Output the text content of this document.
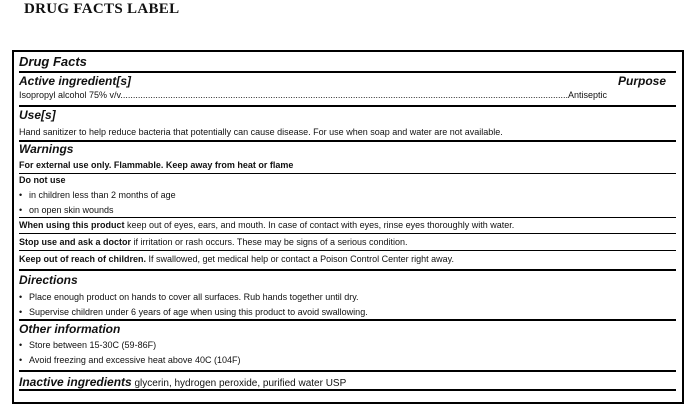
DRUG FACTS LABEL
Drug Facts
Active ingredient[s]	Purpose
Isopropyl alcohol 75% v/v...................................................................................................................................................................................Antiseptic
Use[s]
Hand sanitizer to help reduce bacteria that potentially can cause disease. For use when soap and water are not available.
Warnings
For external use only. Flammable. Keep away from heat or flame
Do not use
• in children less than 2 months of age
• on open skin wounds
When using this product keep out of eyes, ears, and mouth. In case of contact with eyes, rinse eyes thoroughly with water.
Stop use and ask a doctor if irritation or rash occurs. These may be signs of a serious condition.
Keep out of reach of children. If swallowed, get medical help or contact a Poison Control Center right away.
Directions
• Place enough product on hands to cover all surfaces. Rub hands together until dry.
• Supervise children under 6 years of age when using this product to avoid swallowing.
Other information
• Store between 15-30C (59-86F)
• Avoid freezing and excessive heat above 40C (104F)
Inactive ingredients glycerin, hydrogen peroxide, purified water USP
